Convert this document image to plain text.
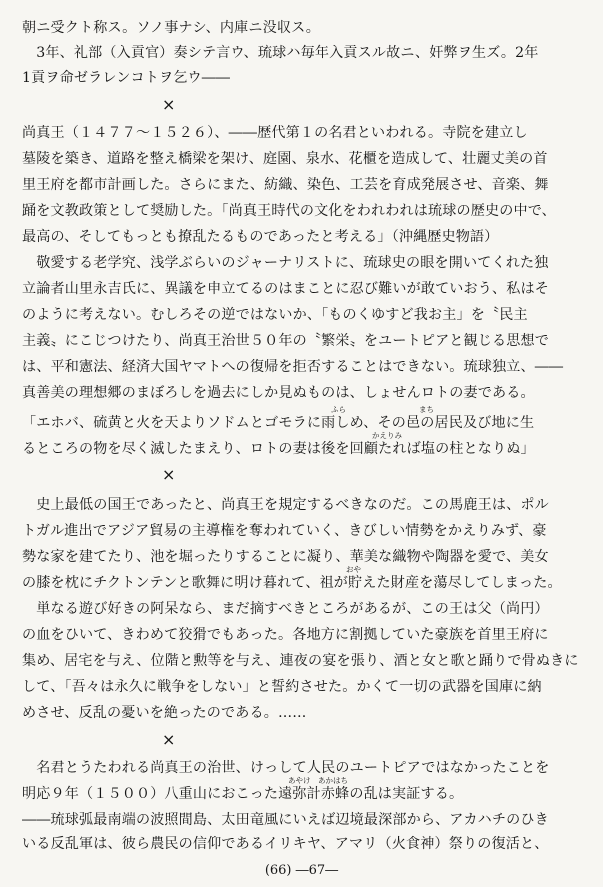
朝ニ受クト称ス。ソノ事ナシ、内庫ニ没収ス。
　3年、礼部（入貢官）奏シテ言ウ、琉球ハ毎年入貢スル故ニ、奸弊ヲ生ズ。2年
1貢ヲ命ゼラレンコトヲ乞ウ――
×
尚真王（１４７７～１５２６）、――歴代第１の名君といわれる。寺院を建立し
墓陵を築き、道路を整え橋梁を架け、庭園、泉水、花櫃を造成して、壮麗丈美の首
里王府を都市計画した。さらにまた、紡織、染色、工芸を育成発展させ、音楽、舞
踊を文教政策として奨励した。「尚真王時代の文化をわれわれは琉球の歴史の中で、
最高の、そしてもっとも撩乱たるものであったと考える」（沖縄歴史物語）
　敬愛する老学究、浅学ぶらいのジャーナリストに、琉球史の眼を開いてくれた独
立論者山里永吉氏に、異議を申立てるのはまことに忍び難いが敢ていおう、私はそ
のように考えない。むしろその逆ではないか、「ものくゆすど我お主」を〝民主
主義〟にこじつけたり、尚真王治世５０年の〝繁栄〟をユートピアと観じる思想で
は、平和憲法、経済大国ヤマトへの復帰を拒否することはできない。琉球独立、――
真善美の理想郷のまぼろしを過去にしか見ぬものは、しょせんロトの妻である。
ふら	まち
「エホバ、硫黄と火を天よりソドムとゴモラに雨しめ、その邑の居民及び地に生
かえりみ
るところの物を尽く滅したまえり、ロトの妻は後を回顧たれば塩の柱となりぬ」
×
　史上最低の国王であったと、尚真王を規定するべきなのだ。この馬鹿王は、ポル
トガル進出でアジア貿易の主導権を奪われていく、きびしい情勢をかえりみず、豪
勢な家を建てたり、池を堀ったりすることに凝り、華美な織物や陶器を愛で、美女
おや
の膝を枕にチクトンテンと歌舞に明け暮れて、祖が貯えた財産を蕩尽してしまった。
　単なる遊び好きの阿呆なら、まだ摘すべきところがあるが、この王は父（尚円）
の血をひいて、きわめて狡猾でもあった。各地方に割拠していた豪族を首里王府に
集め、居宅を与え、位階と勲等を与え、連夜の宴を張り、酒と女と歌と踊りで骨ぬきに
して、「吾々は永久に戦争をしない」と誓約させた。かくて一切の武器を国庫に納
めさせ、反乱の憂いを絶ったのである。……
×
　名君とうたわれる尚真王の治世、けっして人民のユートピアではなかったことを
あやけ　あかはち
明応９年（１５００）八重山におこった遠弥計赤蜂の乱は実証する。
――琉球弧最南端の波照間島、太田竜風にいえば辺境最深部から、アカハチのひき
(66) ―67―
いる反乱軍は、彼ら農民の信仰であるイリキヤ、アマリ（火食神）祭りの復活と、
